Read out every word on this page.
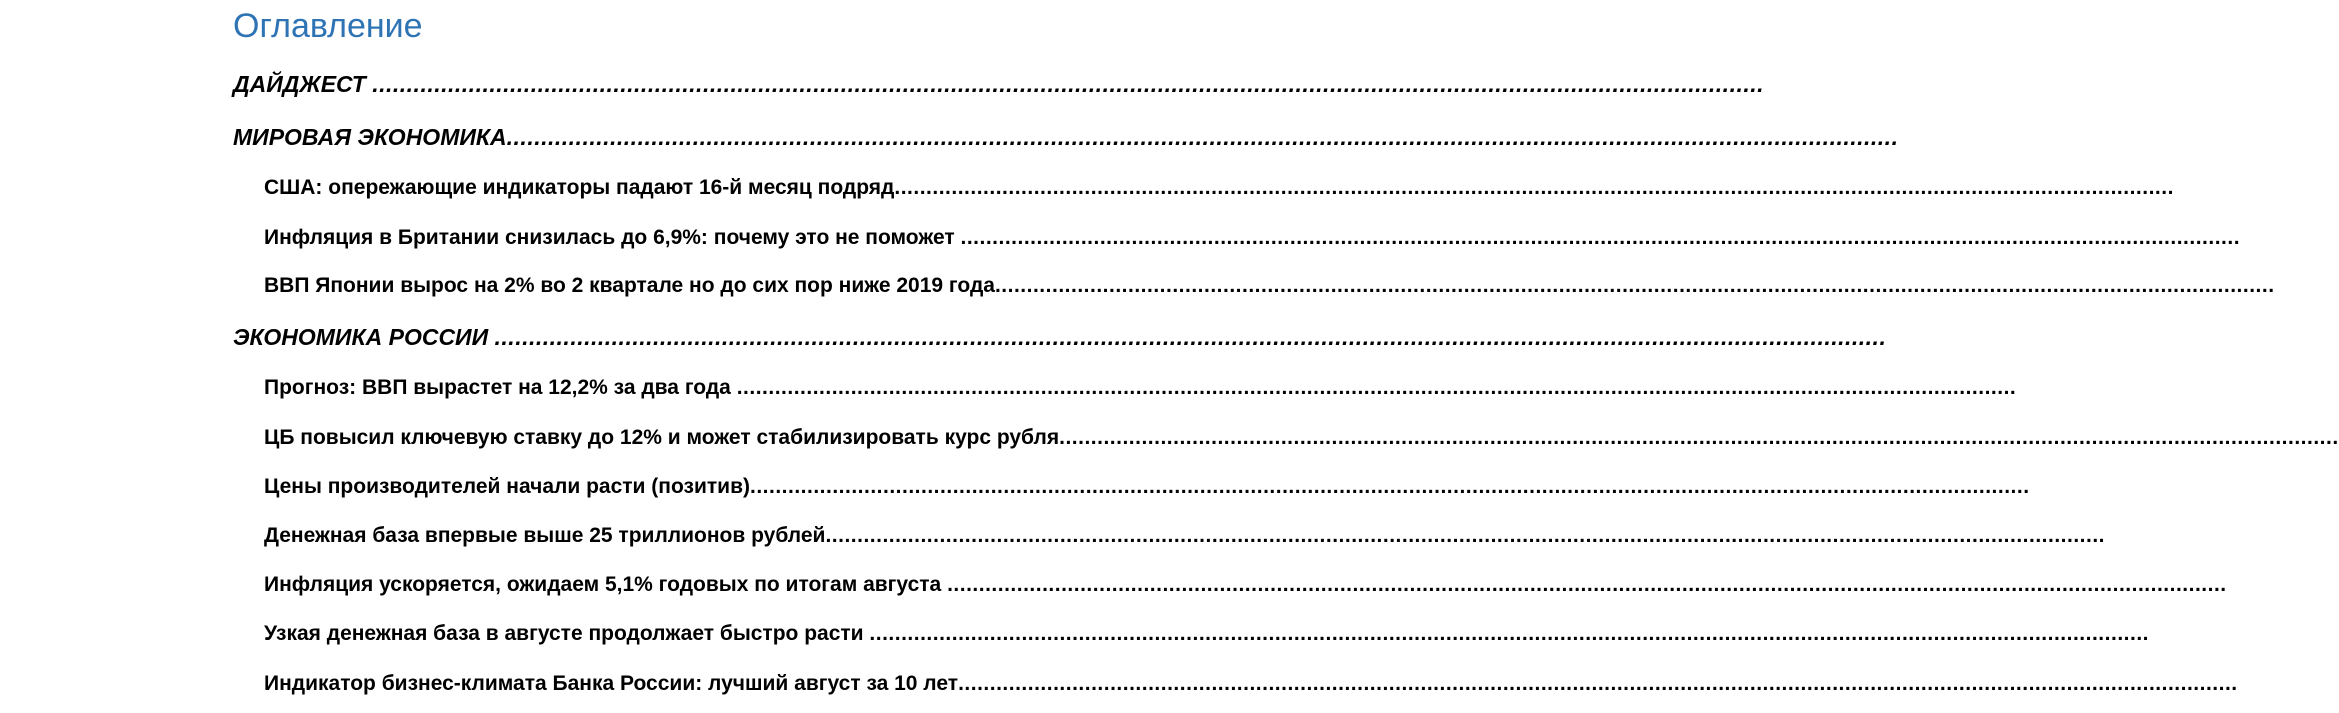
Оглавление
ДАЙДЖЕСТ ..........................................................................................................................................................................................................
МИРОВАЯ ЭКОНОМИКА..........................................................................................................................................................................................................
США: опережающие индикаторы падают 16-й месяц подряд..........................................................................................................................................................................................................
Инфляция в Британии снизилась до 6,9%: почему это не поможет ..........................................................................................................................................................................................................
ВВП Японии вырос на 2% во 2 квартале но до сих пор ниже 2019 года..........................................................................................................................................................................................................
ЭКОНОМИКА РОССИИ ..........................................................................................................................................................................................................
Прогноз: ВВП вырастет на 12,2% за два года ..........................................................................................................................................................................................................
ЦБ повысил ключевую ставку до 12% и может стабилизировать курс рубля..........................................................................................................................................................................................................
Цены производителей начали расти (позитив)..........................................................................................................................................................................................................
Денежная база впервые выше 25 триллионов рублей..........................................................................................................................................................................................................
Инфляция ускоряется, ожидаем 5,1% годовых по итогам августа ..........................................................................................................................................................................................................
Узкая денежная база в августе продолжает быстро расти ..........................................................................................................................................................................................................
Индикатор бизнес-климата Банка России: лучший август за 10 лет..........................................................................................................................................................................................................
